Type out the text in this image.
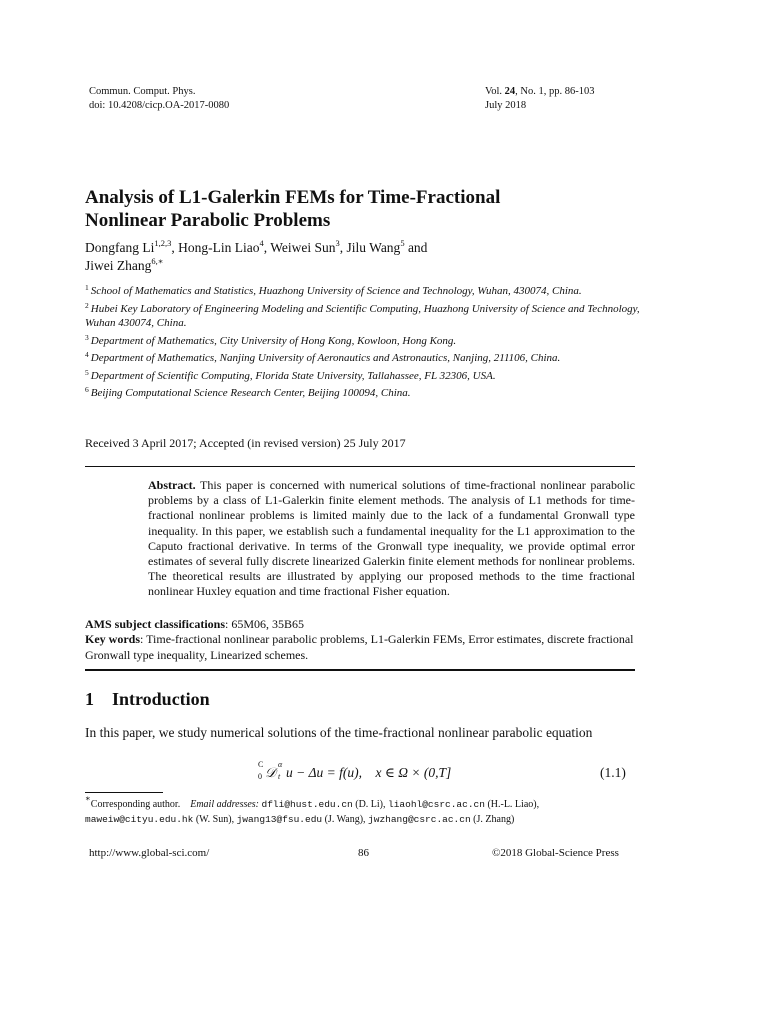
Commun. Comput. Phys.
doi: 10.4208/cicp.OA-2017-0080
Vol. 24, No. 1, pp. 86-103
July 2018
Analysis of L1-Galerkin FEMs for Time-Fractional
Nonlinear Parabolic Problems
Dongfang Li$^{1,2,3}$, Hong-Lin Liao$^4$, Weiwei Sun$^3$, Jilu Wang$^5$ and
Jiwei Zhang$^{6,∗}$
$^1$ School of Mathematics and Statistics, Huazhong University of Science and Technology, Wuhan, 430074, China.
$^2$ Hubei Key Laboratory of Engineering Modeling and Scientific Computing, Huazhong University of Science and Technology, Wuhan 430074, China.
$^3$ Department of Mathematics, City University of Hong Kong, Kowloon, Hong Kong.
$^4$ Department of Mathematics, Nanjing University of Aeronautics and Astronautics, Nanjing, 211106, China.
$^5$ Department of Scientific Computing, Florida State University, Tallahassee, FL 32306, USA.
$^6$ Beijing Computational Science Research Center, Beijing 100094, China.
Received 3 April 2017; Accepted (in revised version) 25 July 2017
Abstract. This paper is concerned with numerical solutions of time-fractional nonlinear parabolic problems by a class of L1-Galerkin finite element methods. The analysis of L1 methods for time-fractional nonlinear problems is limited mainly due to the lack of a fundamental Gronwall type inequality. In this paper, we establish such a fundamental inequality for the L1 approximation to the Caputo fractional derivative. In terms of the Gronwall type inequality, we provide optimal error estimates of several fully discrete linearized Galerkin finite element methods for nonlinear problems. The theoretical results are illustrated by applying our proposed methods to the time fractional nonlinear Huxley equation and time fractional Fisher equation.
AMS subject classifications: 65M06, 35B65
Key words: Time-fractional nonlinear parabolic problems, L1-Galerkin FEMs, Error estimates, discrete fractional Gronwall type inequality, Linearized schemes.
1 Introduction
In this paper, we study numerical solutions of the time-fractional nonlinear parabolic equation
C
0 𝒟
α
t u − Δu = f(u), x ∈ Ω × (0,T]	(1.1)
∗Corresponding author. Email addresses: dfli@hust.edu.cn (D. Li), liaohl@csrc.ac.cn (H.-L. Liao),
maweiw@cityu.edu.hk (W. Sun), jwang13@fsu.edu (J. Wang), jwzhang@csrc.ac.cn (J. Zhang)
http://www.global-sci.com/	86	©2018 Global-Science Press
